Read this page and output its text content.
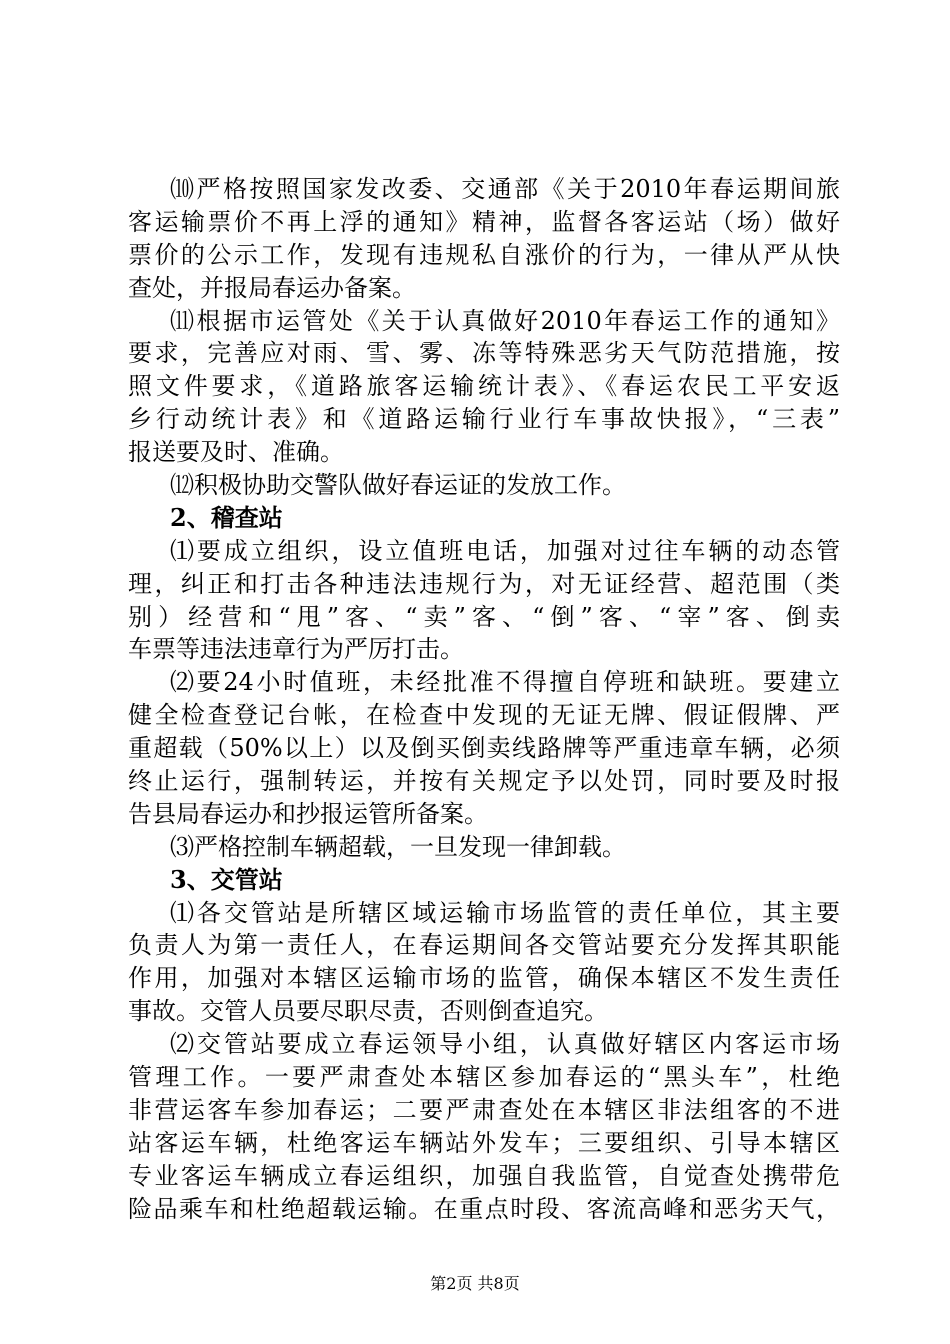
⑽严格按照国家发改委、交通部《关于2010年春运期间旅
客运输票价不再上浮的通知》精神，监督各客运站（场）做好
票价的公示工作，发现有违规私自涨价的行为，一律从严从快
查处，并报局春运办备案。
⑾根据市运管处《关于认真做好2010年春运工作的通知》
要求，完善应对雨、雪、雾、冻等特殊恶劣天气防范措施，按
照文件要求，《道路旅客运输统计表》、《春运农民工平安返
乡行动统计表》和《道路运输行业行车事故快报》，“三表”
报送要及时、准确。
⑿积极协助交警队做好春运证的发放工作。
2、稽查站
⑴要成立组织，设立值班电话，加强对过往车辆的动态管
理，纠正和打击各种违法违规行为，对无证经营、超范围（类
别）经营和“甩”客、“卖”客、“倒”客、“宰”客、倒卖
车票等违法违章行为严厉打击。
⑵要24小时值班，未经批准不得擅自停班和缺班。要建立
健全检查登记台帐，在检查中发现的无证无牌、假证假牌、严
重超载（50%以上）以及倒买倒卖线路牌等严重违章车辆，必须
终止运行，强制转运，并按有关规定予以处罚，同时要及时报
告县局春运办和抄报运管所备案。
⑶严格控制车辆超载，一旦发现一律卸载。
3、交管站
⑴各交管站是所辖区域运输市场监管的责任单位，其主要
负责人为第一责任人，在春运期间各交管站要充分发挥其职能
作用，加强对本辖区运输市场的监管，确保本辖区不发生责任
事故。交管人员要尽职尽责，否则倒查追究。
⑵交管站要成立春运领导小组，认真做好辖区内客运市场
管理工作。一要严肃查处本辖区参加春运的“黑头车”，杜绝
非营运客车参加春运；二要严肃查处在本辖区非法组客的不进
站客运车辆，杜绝客运车辆站外发车；三要组织、引导本辖区
专业客运车辆成立春运组织，加强自我监管，自觉查处携带危
险品乘车和杜绝超载运输。在重点时段、客流高峰和恶劣天气，
第2页 共8页
